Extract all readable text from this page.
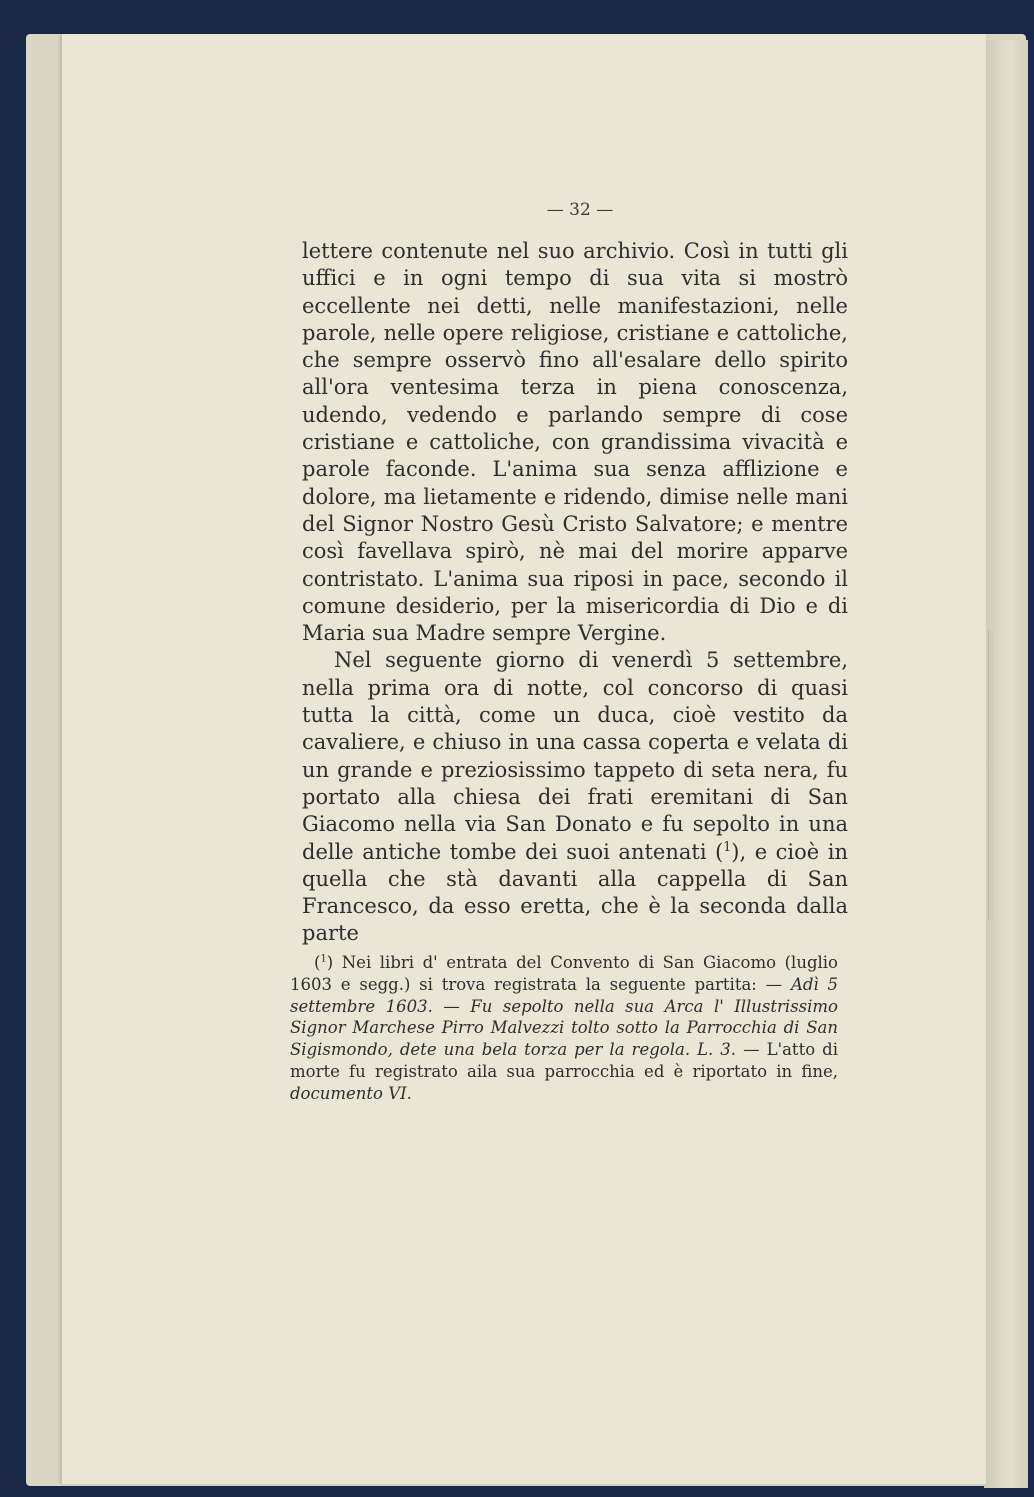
— 32 —

lettere contenute nel suo archivio. Così in tutti gli uffici e in ogni tempo di sua vita si mostrò eccellente nei detti, nelle manifestazioni, nelle parole, nelle opere religiose, cristiane e cattoliche, che sempre osservò fino all'esalare dello spirito all'ora ventesima terza in piena conoscenza, udendo, vedendo e parlando sempre di cose cristiane e cattoliche, con grandissima vivacità e parole faconde. L'anima sua senza afflizione e dolore, ma lietamente e ridendo, dimise nelle mani del Signor Nostro Gesù Cristo Salvatore; e mentre così favellava spirò, nè mai del morire apparve contristato. L'anima sua riposi in pace, secondo il comune desiderio, per la misericordia di Dio e di Maria sua Madre sempre Vergine.

Nel seguente giorno di venerdì 5 settembre, nella prima ora di notte, col concorso di quasi tutta la città, come un duca, cioè vestito da cavaliere, e chiuso in una cassa coperta e velata di un grande e preziosissimo tappeto di seta nera, fu portato alla chiesa dei frati eremitani di San Giacomo nella via San Donato e fu sepolto in una delle antiche tombe dei suoi antenati ($^1$), e cioè in quella che stà davanti alla cappella di San Francesco, da esso eretta, che è la seconda dalla parte

($^1$) Nei libri d' entrata del Convento di San Giacomo (luglio 1603 e segg.) si trova registrata la seguente partita: — Adì 5 settembre 1603. — Fu sepolto nella sua Arca l' Illustrissimo Signor Marchese Pirro Malvezzi tolto sotto la Parrocchia di San Sigismondo, dete una bela torza per la regola. L. 3. — L'atto di morte fu registrato aila sua parrocchia ed è riportato in fine, documento VI.
